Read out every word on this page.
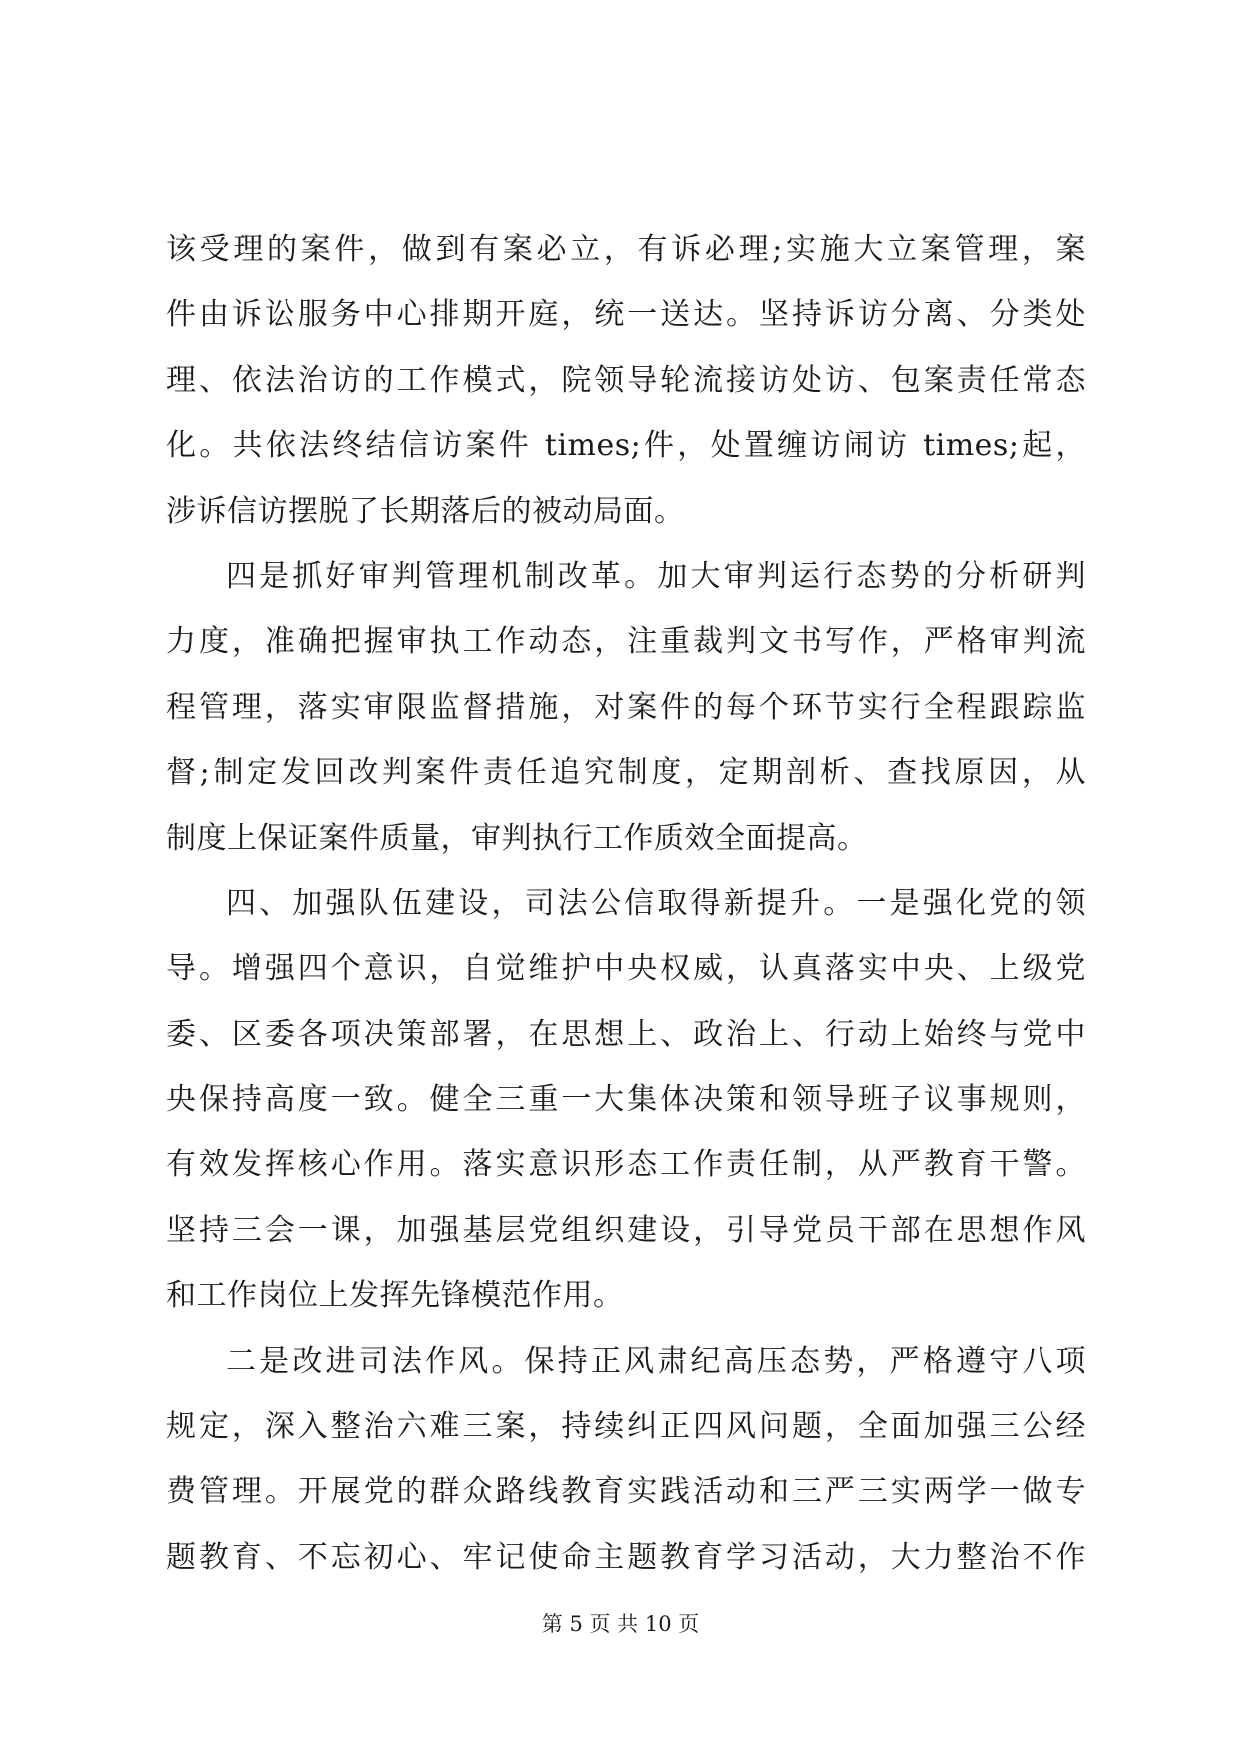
该受理的案件，做到有案必立，有诉必理;实施大立案管理，案
件由诉讼服务中心排期开庭，统一送达。坚持诉访分离、分类处
理、依法治访的工作模式，院领导轮流接访处访、包案责任常态
化。共依法终结信访案件 times;件，处置缠访闹访 times;起，
涉诉信访摆脱了长期落后的被动局面。
四是抓好审判管理机制改革。加大审判运行态势的分析研判
力度，准确把握审执工作动态，注重裁判文书写作，严格审判流
程管理，落实审限监督措施，对案件的每个环节实行全程跟踪监
督;制定发回改判案件责任追究制度，定期剖析、查找原因，从
制度上保证案件质量，审判执行工作质效全面提高。
四、加强队伍建设，司法公信取得新提升。一是强化党的领
导。增强四个意识，自觉维护中央权威，认真落实中央、上级党
委、区委各项决策部署，在思想上、政治上、行动上始终与党中
央保持高度一致。健全三重一大集体决策和领导班子议事规则，
有效发挥核心作用。落实意识形态工作责任制，从严教育干警。
坚持三会一课，加强基层党组织建设，引导党员干部在思想作风
和工作岗位上发挥先锋模范作用。
二是改进司法作风。保持正风肃纪高压态势，严格遵守八项
规定，深入整治六难三案，持续纠正四风问题，全面加强三公经
费管理。开展党的群众路线教育实践活动和三严三实两学一做专
题教育、不忘初心、牢记使命主题教育学习活动，大力整治不作
第 5 页 共 10 页
